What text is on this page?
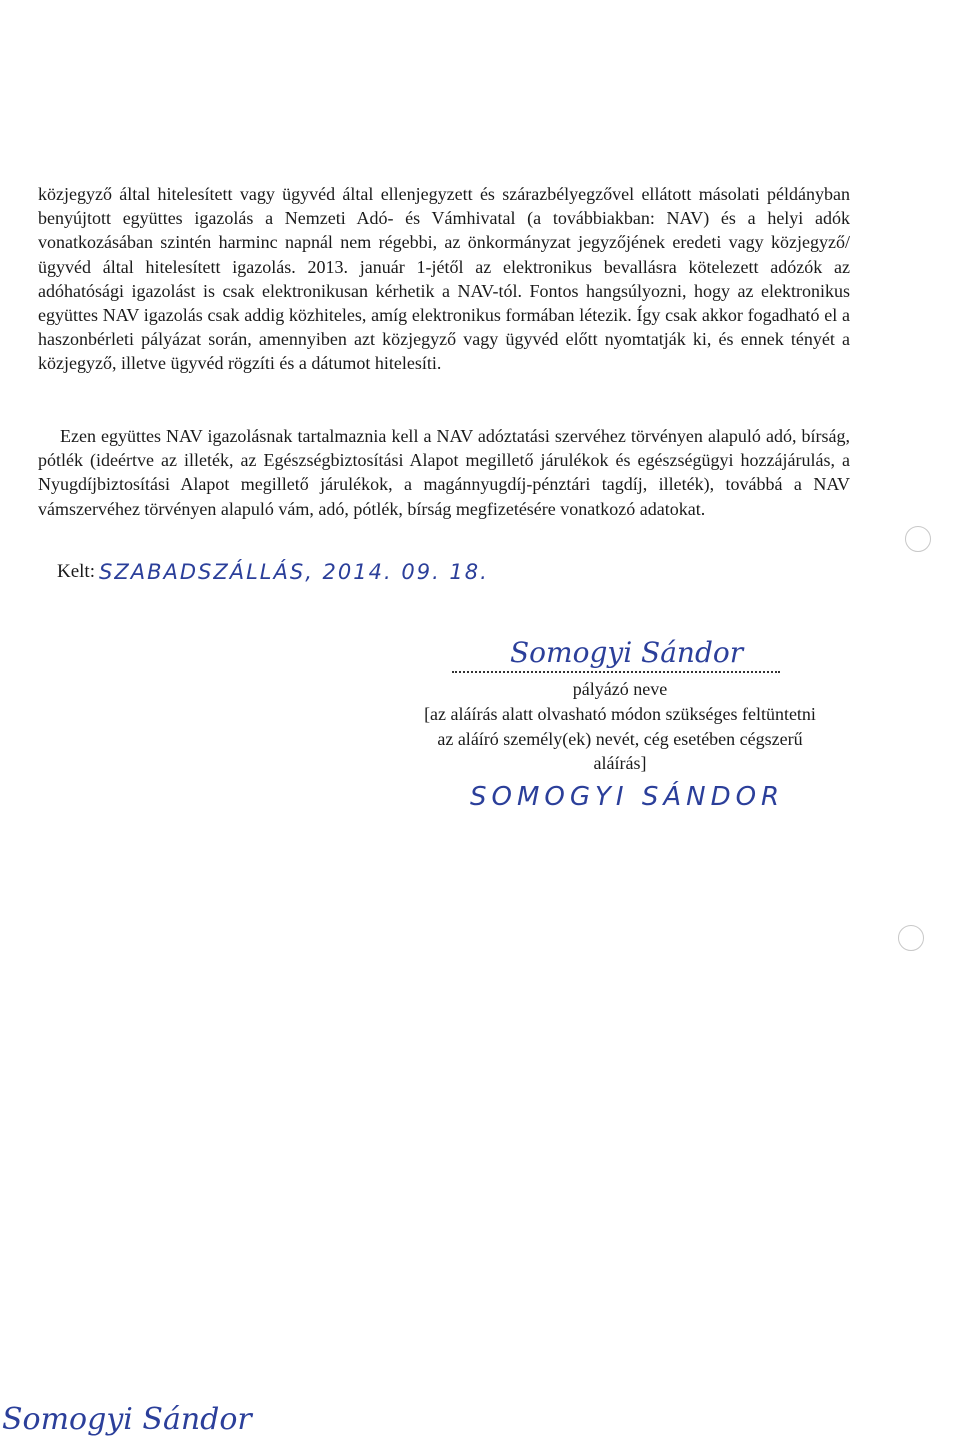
közjegyző által hitelesített vagy ügyvéd által ellenjegyzett és szárazbélyegzővel ellátott másolati példányban benyújtott együttes igazolás a Nemzeti Adó- és Vámhivatal (a továbbiakban: NAV) és a helyi adók vonatkozásában szintén harminc napnál nem régebbi, az önkormányzat jegyzőjének eredeti vagy közjegyző/ügyvéd által hitelesített igazolás. 2013. január 1-jétől az elektronikus bevallásra kötelezett adózók az adóhatósági igazolást is csak elektronikusan kérhetik a NAV-tól. Fontos hangsúlyozni, hogy az elektronikus együttes NAV igazolás csak addig közhiteles, amíg elektronikus formában létezik. Így csak akkor fogadható el a haszonbérleti pályázat során, amennyiben azt közjegyző vagy ügyvéd előtt nyomtatják ki, és ennek tényét a közjegyző, illetve ügyvéd rögzíti és a dátumot hitelesíti.

Ezen együttes NAV igazolásnak tartalmaznia kell a NAV adóztatási szervéhez törvényen alapuló adó, bírság, pótlék (ideértve az illeték, az Egészségbiztosítási Alapot megillető járulékok és egészségügyi hozzájárulás, a Nyugdíjbiztosítási Alapot megillető járulékok, a magánnyugdíj-pénztári tagdíj, illeték), továbbá a NAV vámszervéhez törvényen alapuló vám, adó, pótlék, bírság megfizetésére vonatkozó adatokat.

Kelt: SZABADSZÁLLÁS, 2014. 09. 18.
Somogyi Sándor
pályázó neve
[az aláírás alatt olvasható módon szükséges feltüntetni
az aláíró személy(ek) nevét, cég esetében cégszerű
aláírás]
SOMOGYI SÁNDOR
Somogyi Sándor
